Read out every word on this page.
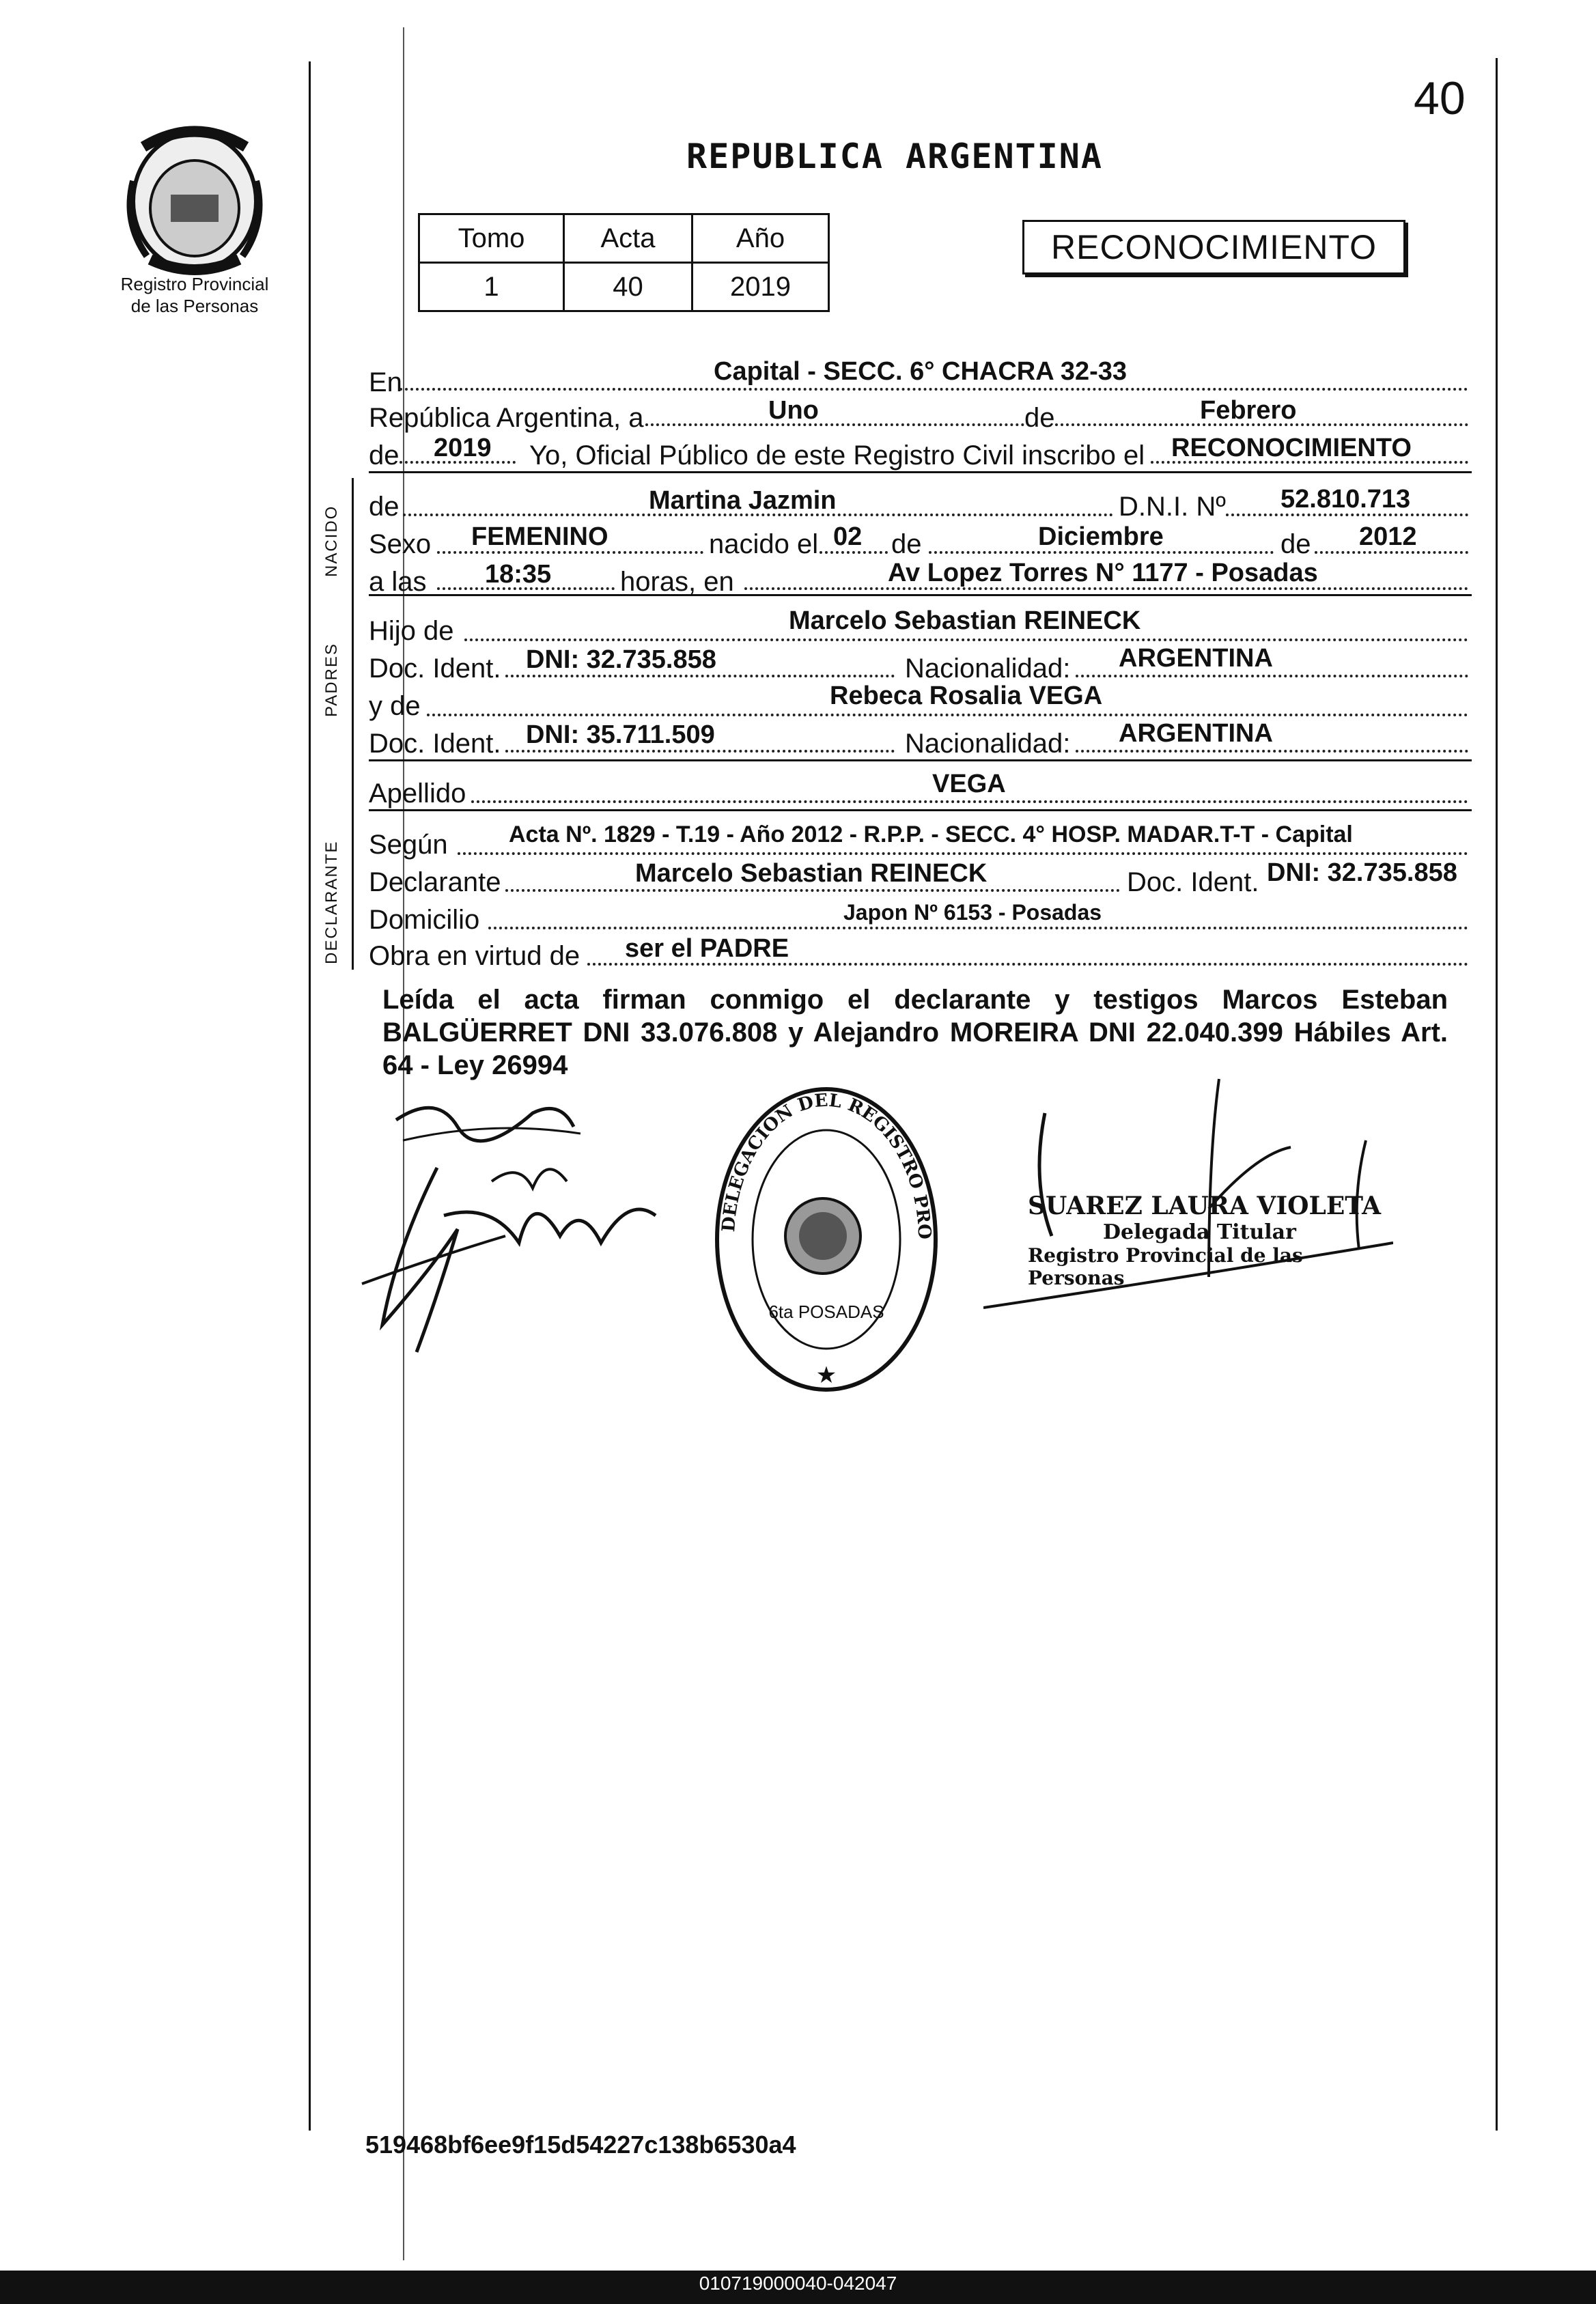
40
Registro Provincial
de las Personas
REPUBLICA ARGENTINA
Tomo	Acta	Año
1	40	2019
RECONOCIMIENTO
NACIDO
PADRES
DECLARANTE
En	Capital - SECC. 6° CHACRA 32-33
República Argentina, a	Uno	de	Febrero
de 2019 Yo, Oficial Público de este Registro Civil inscribo el RECONOCIMIENTO
de	Martina Jazmin	D.N.I. Nº 52.810.713
Sexo FEMENINO	nacido el 02 de	Diciembre	de 2012
a las 18:35	horas, en	Av Lopez Torres N° 1177 - Posadas
Hijo de	Marcelo Sebastian REINECK
Doc. Ident. DNI: 32.735.858	Nacionalidad: ARGENTINA
y de	Rebeca Rosalia VEGA
Doc. Ident. DNI: 35.711.509	Nacionalidad: ARGENTINA
Apellido	VEGA
Según	Acta Nº. 1829 - T.19 - Año 2012 - R.P.P. - SECC. 4° HOSP. MADAR.T-T - Capital
Declarante	Marcelo Sebastian REINECK	Doc. Ident. DNI: 32.735.858
Domicilio	Japon Nº 6153 - Posadas
Obra en virtud de ser el PADRE
Leída el acta firman conmigo el declarante y testigos Marcos Esteban BALGÜERRET DNI 33.076.808 y Alejandro MOREIRA DNI 22.040.399 Hábiles Art. 64 - Ley 26994
DELEGACION DEL REGISTRO PRO
6ta POSADAS
★
SUAREZ LAURA VIOLETA
Delegada Titular
Registro Provincial de las Personas
519468bf6ee9f15d54227c138b6530a4
010719000040-042047
